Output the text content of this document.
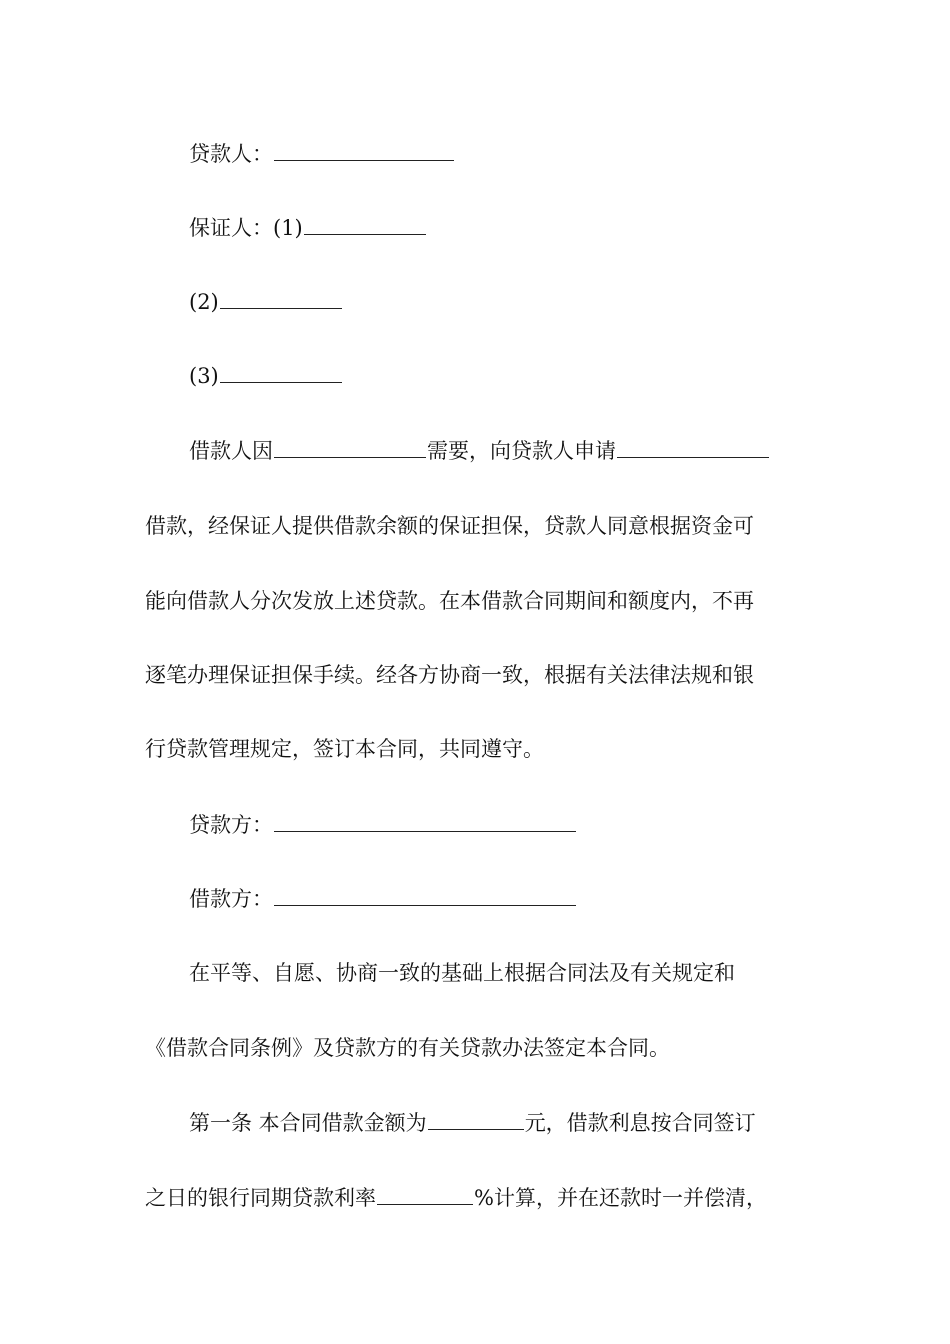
贷款人：
保证人：(1)
(2)
(3)
借款人因	需要，向贷款人申请
借款，经保证人提供借款余额的保证担保，贷款人同意根据资金可
能向借款人分次发放上述贷款。在本借款合同期间和额度内，不再
逐笔办理保证担保手续。经各方协商一致，根据有关法律法规和银
行贷款管理规定，签订本合同，共同遵守。
贷款方：
借款方：
在平等、自愿、协商一致的基础上根据合同法及有关规定和
《借款合同条例》及贷款方的有关贷款办法签定本合同。
第一条 本合同借款金额为	元，借款利息按合同签订
之日的银行同期贷款利率	%计算，并在还款时一并偿清，
